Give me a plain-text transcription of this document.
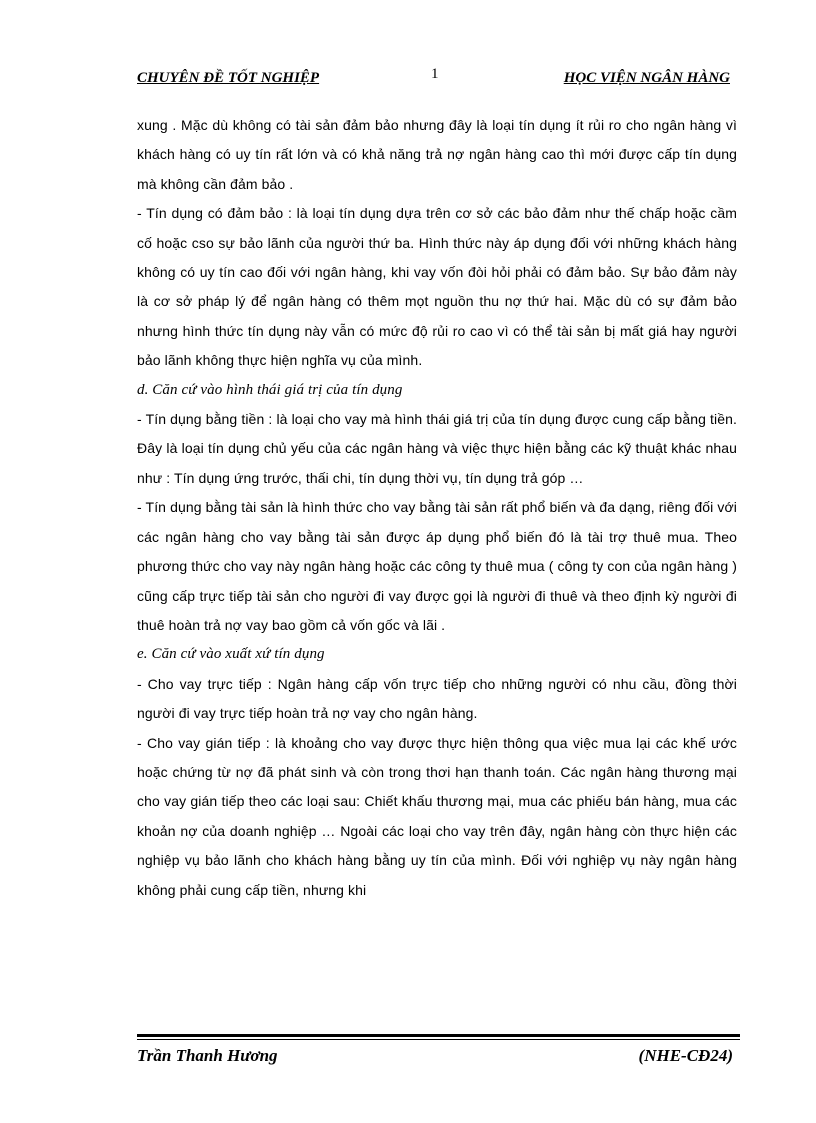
CHUYÊN ĐỀ TỐT NGHIỆP	1	HỌC VIỆN NGÂN HÀNG

xung . Mặc dù không có tài sản đảm bảo nhưng đây là loại tín dụng ít rủi ro cho ngân hàng vì khách hàng có uy tín rất lớn và có khả năng trả nợ ngân hàng cao thì mới được cấp tín dụng mà không cần đảm bảo .

- Tín dụng có đảm bảo : là loại tín dụng dựa trên cơ sở các bảo đảm như thế chấp hoặc cầm cố hoặc cso sự bảo lãnh của người thứ ba. Hình thức này áp dụng đối với những khách hàng không có uy tín cao đối với ngân hàng, khi vay vốn đòi hỏi phải có đảm bảo. Sự bảo đảm này là cơ sở pháp lý để ngân hàng có thêm mọt nguồn thu nợ thứ hai. Mặc dù có sự đảm bảo nhưng hình thức tín dụng này vẫn có mức độ rủi ro cao vì có thể tài sản bị mất giá hay người bảo lãnh không thực hiện nghĩa vụ của mình.

d. Căn cứ vào hình thái giá trị của tín dụng

- Tín dụng bằng tiền : là loại cho vay mà hình thái giá trị của tín dụng được cung cấp bằng tiền. Đây là loại tín dụng chủ yếu của các ngân hàng và việc thực hiện bằng các kỹ thuật khác nhau như : Tín dụng ứng trước, thấi chi, tín dụng thời vụ, tín dụng trả góp …

- Tín dụng bằng tài sản là hình thức cho vay bằng tài sản rất phổ biến và đa dạng, riêng đối với các ngân hàng cho vay bằng tài sản được áp dụng phổ biến đó là tài trợ thuê mua. Theo phương thức cho vay này ngân hàng hoặc các công ty thuê mua ( công ty con của ngân hàng ) cũng cấp trực tiếp tài sản cho người đi vay được gọi là người đi thuê và theo định kỳ người đi thuê hoàn trả nợ vay bao gồm cả vốn gốc và lãi .

e. Căn cứ vào xuất xứ tín dụng

- Cho vay trực tiếp : Ngân hàng cấp vốn trực tiếp cho những người có nhu cầu, đồng thời người đi vay trực tiếp hoàn trả nợ vay cho ngân hàng.

- Cho vay gián tiếp : là khoảng cho vay được thực hiện thông qua việc mua lại các khế ước hoặc chứng từ nợ đã phát sinh và còn trong thơi hạn thanh toán. Các ngân hàng thương mại cho vay gián tiếp theo các loại sau: Chiết khấu thương mại, mua các phiếu bán hàng, mua các khoản nợ của doanh nghiệp … Ngoài các loại cho vay trên đây, ngân hàng còn thực hiện các nghiệp vụ bảo lãnh cho khách hàng bằng uy tín của mình. Đối với nghiệp vụ này ngân hàng không phải cung cấp tiền, nhưng khi

Trần Thanh Hương	(NHE-CĐ24)
